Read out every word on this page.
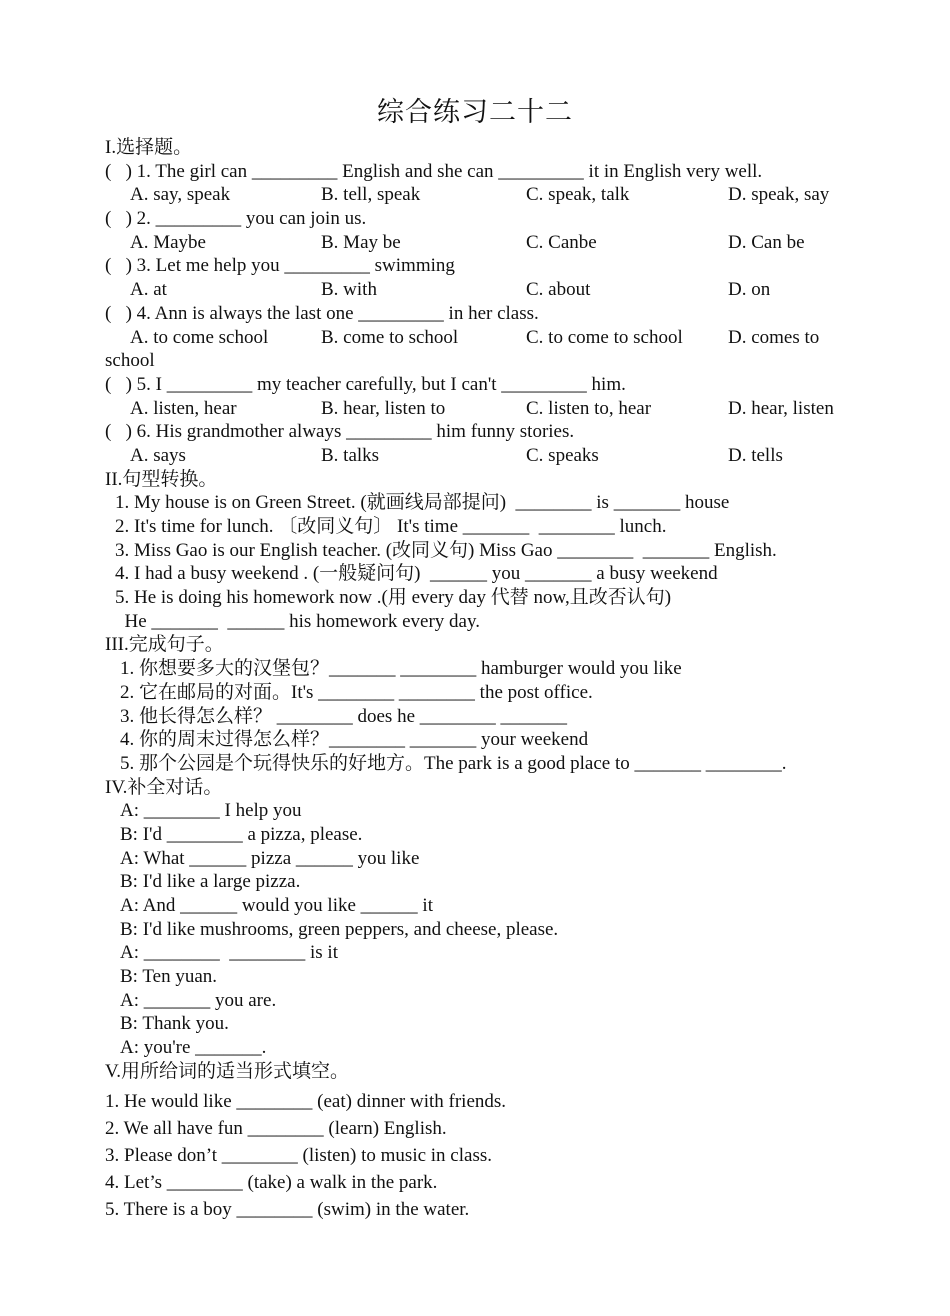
综合练习二十二
I.选择题。
(   ) 1. The girl can _________ English and she can _________ it in English very well.
A. say, speak	B. tell, speak	C. speak, talk	D. speak, say
(   ) 2. _________ you can join us.
A. Maybe	B. May be	C. Canbe	D. Can be
(   ) 3. Let me help you _________ swimming
A. at	B. with	C. about	D. on
(   ) 4. Ann is always the last one _________ in her class.
A. to come school	B. come to school	C. to come to school D. comes to
school
(   ) 5. I _________ my teacher carefully, but I can't _________ him.
A. listen, hear	B. hear, listen to	C. listen to, hear	D. hear, listen
(   ) 6. His grandmother always _________ him funny stories.
A. says	B. talks	C. speaks	D. tells
II.句型转换。
1. My house is on Green Street. (就画线局部提问)  ________ is _______ house
2. It's time for lunch. 〔改同义句〕 It's time _______  ________ lunch.
3. Miss Gao is our English teacher. (改同义句) Miss Gao ________  _______ English.
4. I had a busy weekend . (一般疑问句)  ______ you _______ a busy weekend
5. He is doing his homework now .(用 every day 代替 now,且改否认句)
He _______  ______ his homework every day.
III.完成句子。
1. 你想要多大的汉堡包？_______ ________ hamburger would you like
2. 它在邮局的对面。It's ________ ________ the post office.
3. 他长得怎么样？ ________ does he ________ _______
4. 你的周末过得怎么样？________ _______ your weekend
5. 那个公园是个玩得快乐的好地方。The park is a good place to _______ ________.
IV.补全对话。
A: ________ I help you
B: I'd ________ a pizza, please.
A: What ______ pizza ______ you like
B: I'd like a large pizza.
A: And ______ would you like ______ it
B: I'd like mushrooms, green peppers, and cheese, please.
A: ________  ________ is it
B: Ten yuan.
A: _______ you are.
B: Thank you.
A: you're _______.
V.用所给词的适当形式填空。
1. He would like ________ (eat) dinner with friends.
2. We all have fun ________ (learn) English.
3. Please don’t ________ (listen) to music in class.
4. Let’s ________ (take) a walk in the park.
5. There is a boy ________ (swim) in the water.
